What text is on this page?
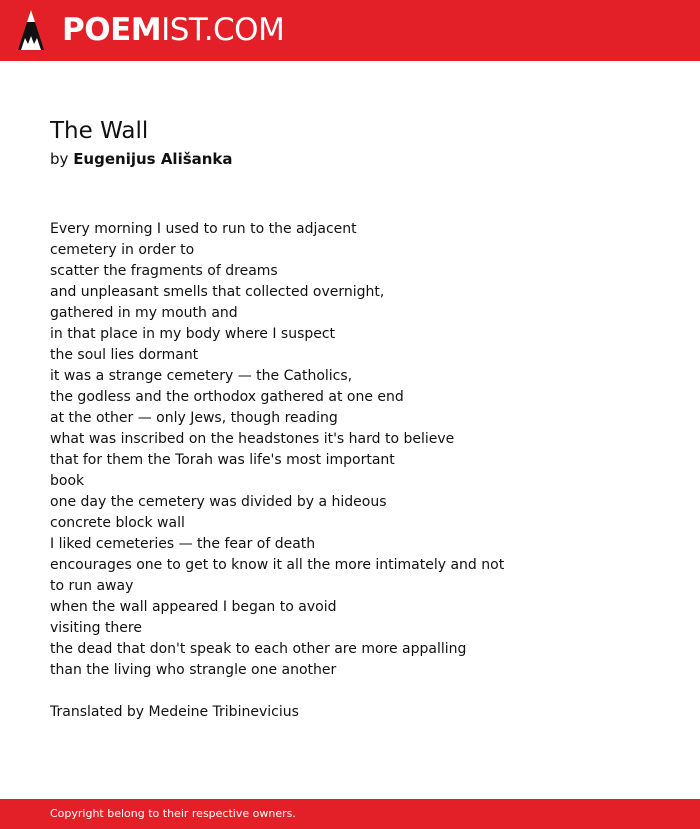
POEMIST.COM
The Wall
by Eugenijus Ališanka
Every morning I used to run to the adjacent
cemetery in order to
scatter the fragments of dreams
and unpleasant smells that collected overnight,
gathered in my mouth and
in that place in my body where I suspect
the soul lies dormant
it was a strange cemetery — the Catholics,
the godless and the orthodox gathered at one end
at the other — only Jews, though reading
what was inscribed on the headstones it's hard to believe
that for them the Torah was life's most important
book
one day the cemetery was divided by a hideous
concrete block wall
I liked cemeteries — the fear of death
encourages one to get to know it all the more intimately and not
to run away
when the wall appeared I began to avoid
visiting there
the dead that don't speak to each other are more appalling
than the living who strangle one another
Translated by Medeine Tribinevicius
Copyright belong to their respective owners.
